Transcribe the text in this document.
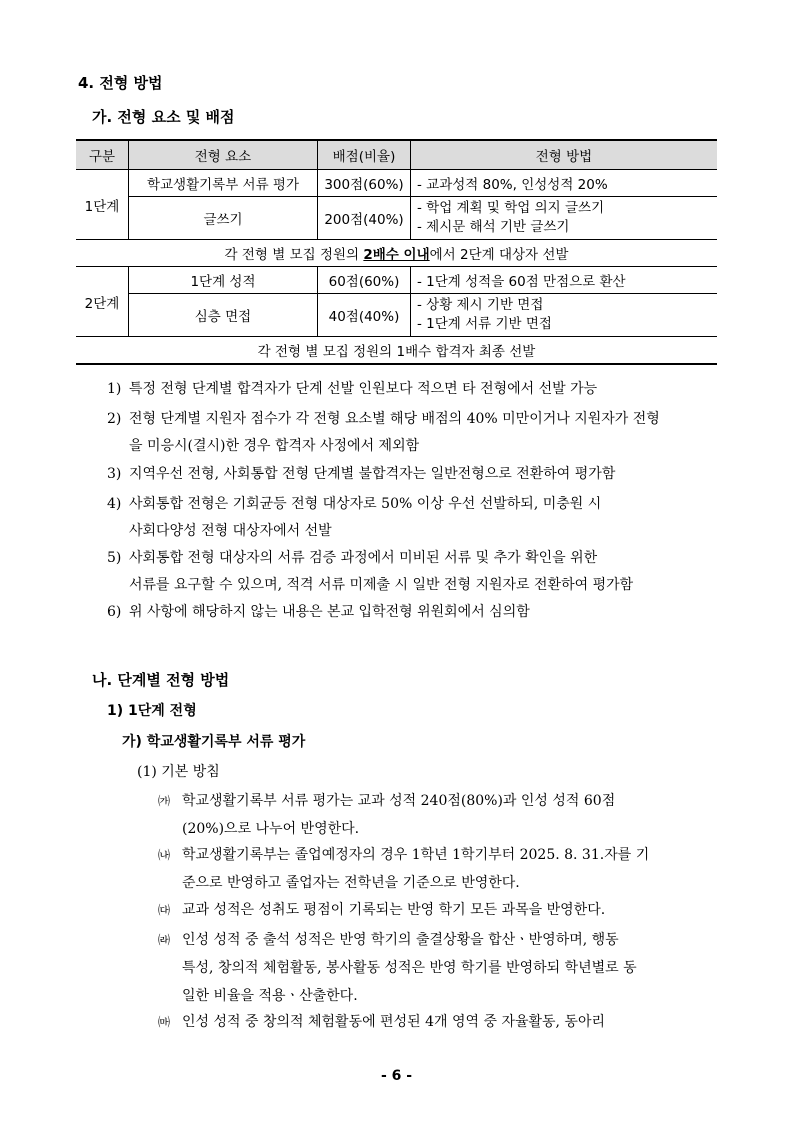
4. 전형 방법
가. 전형 요소 및 배점
구분	전형 요소	배점(비율)	전형 방법
1단계	학교생활기록부 서류 평가	300점(60%)	- 교과성적 80%, 인성성적 20%
	글쓰기	200점(40%)	- 학업 계획 및 학업 의지 글쓰기
- 제시문 해석 기반 글쓰기

각 전형 별 모집 정원의 2배수 이내에서 2단계 대상자 선발			
2단계	1단계 성적	60점(60%)	- 1단계 성적을 60점 만점으로 환산
	심층 면접	40점(40%)	- 상황 제시 기반 면접
- 1단계 서류 기반 면접

각 전형 별 모집 정원의 1배수 합격자 최종 선발			
1) 특정 전형 단계별 합격자가 단계 선발 인원보다 적으면 타 전형에서 선발 가능
2) 전형 단계별 지원자 점수가 각 전형 요소별 해당 배점의 40% 미만이거나 지원자가 전형
을 미응시(결시)한 경우 합격자 사정에서 제외함
3) 지역우선 전형, 사회통합 전형 단계별 불합격자는 일반전형으로 전환하여 평가함
4) 사회통합 전형은 기회균등 전형 대상자로 50% 이상 우선 선발하되, 미충원 시
사회다양성 전형 대상자에서 선발
5) 사회통합 전형 대상자의 서류 검증 과정에서 미비된 서류 및 추가 확인을 위한
서류를 요구할 수 있으며, 적격 서류 미제출 시 일반 전형 지원자로 전환하여 평가함
6) 위 사항에 해당하지 않는 내용은 본교 입학전형 위원회에서 심의함
나. 단계별 전형 방법
1) 1단계 전형
가) 학교생활기록부 서류 평가
(1) 기본 방침
㈎ 학교생활기록부 서류 평가는 교과 성적 240점(80%)과 인성 성적 60점
(20%)으로 나누어 반영한다.
㈏ 학교생활기록부는 졸업예정자의 경우 1학년 1학기부터 2025. 8. 31.자를 기
준으로 반영하고 졸업자는 전학년을 기준으로 반영한다.
㈐ 교과 성적은 성취도 평점이 기록되는 반영 학기 모든 과목을 반영한다.
㈑ 인성 성적 중 출석 성적은 반영 학기의 출결상황을 합산ㆍ반영하며, 행동
특성, 창의적 체험활동, 봉사활동 성적은 반영 학기를 반영하되 학년별로 동
일한 비율을 적용ㆍ산출한다.
㈒ 인성 성적 중 창의적 체험활동에 편성된 4개 영역 중 자율활동, 동아리
- 6 -
